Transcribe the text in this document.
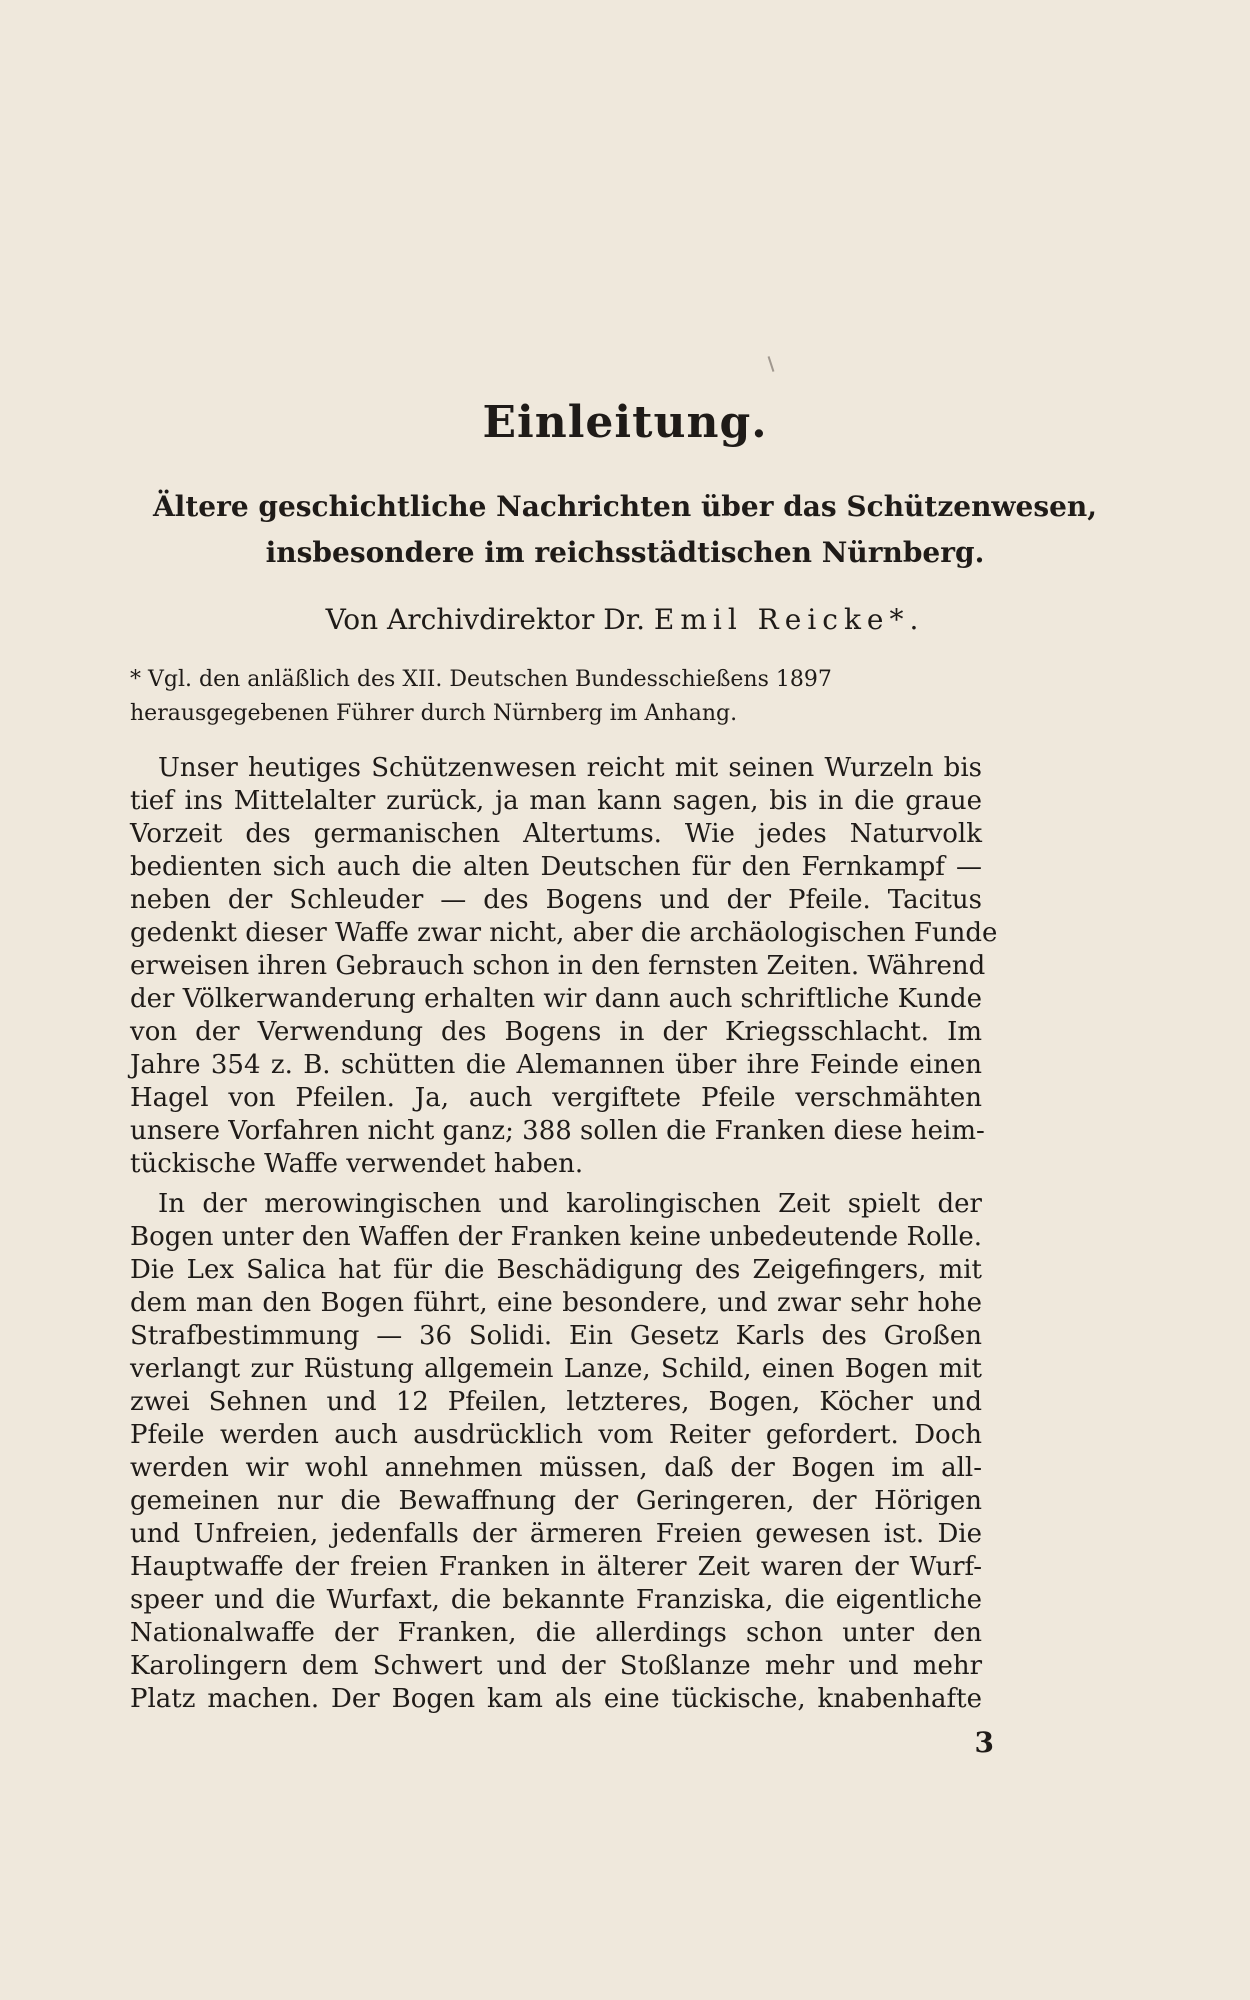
Einleitung.
Ältere geschichtliche Nachrichten über das Schützenwesen,
insbesondere im reichsstädtischen Nürnberg.
Von Archivdirektor Dr. Emil Reicke*.
* Vgl. den anläßlich des XII. Deutschen Bundesschießens 1897
herausgegebenen Führer durch Nürnberg im Anhang.
Unser heutiges Schützenwesen reicht mit seinen Wurzeln bis
tief ins Mittelalter zurück, ja man kann sagen, bis in die graue
Vorzeit des germanischen Altertums. Wie jedes Naturvolk
bedienten sich auch die alten Deutschen für den Fernkampf —
neben der Schleuder — des Bogens und der Pfeile. Tacitus
gedenkt dieser Waffe zwar nicht, aber die archäologischen Funde
erweisen ihren Gebrauch schon in den fernsten Zeiten. Während
der Völkerwanderung erhalten wir dann auch schriftliche Kunde
von der Verwendung des Bogens in der Kriegsschlacht. Im
Jahre 354 z. B. schütten die Alemannen über ihre Feinde einen
Hagel von Pfeilen. Ja, auch vergiftete Pfeile verschmähten
unsere Vorfahren nicht ganz; 388 sollen die Franken diese heim-
tückische Waffe verwendet haben.
In der merowingischen und karolingischen Zeit spielt der
Bogen unter den Waffen der Franken keine unbedeutende Rolle.
Die Lex Salica hat für die Beschädigung des Zeigefingers, mit
dem man den Bogen führt, eine besondere, und zwar sehr hohe
Strafbestimmung — 36 Solidi. Ein Gesetz Karls des Großen
verlangt zur Rüstung allgemein Lanze, Schild, einen Bogen mit
zwei Sehnen und 12 Pfeilen, letzteres, Bogen, Köcher und
Pfeile werden auch ausdrücklich vom Reiter gefordert. Doch
werden wir wohl annehmen müssen, daß der Bogen im all-
gemeinen nur die Bewaffnung der Geringeren, der Hörigen
und Unfreien, jedenfalls der ärmeren Freien gewesen ist. Die
Hauptwaffe der freien Franken in älterer Zeit waren der Wurf-
speer und die Wurfaxt, die bekannte Franziska, die eigentliche
Nationalwaffe der Franken, die allerdings schon unter den
Karolingern dem Schwert und der Stoßlanze mehr und mehr
Platz machen. Der Bogen kam als eine tückische, knabenhafte
3
